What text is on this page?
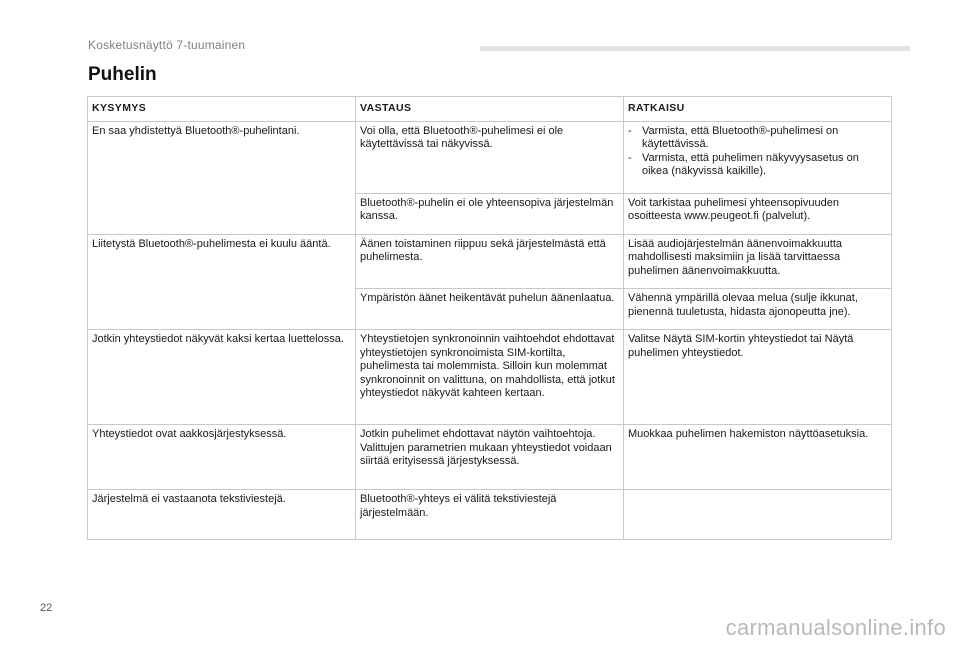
Kosketusnäyttö 7-tuumainen
Puhelin
KYSYMYS	VASTAUS	RATKAISU
En saa yhdistettyä Bluetooth®-puhelintani.	Voi olla, että Bluetooth®-puhelimesi ei ole käytettävissä tai näkyvissä.	- Varmista, että Bluetooth®-puhelimesi on käytettävissä.
- Varmista, että puhelimen näkyvyysasetus on oikea (näkyvissä kaikille).

	Bluetooth®-puhelin ei ole yhteensopiva järjestelmän kanssa.	Voit tarkistaa puhelimesi yhteensopivuuden osoitteesta www.peugeot.fi (palvelut).
Liitetystä Bluetooth®-puhelimesta ei kuulu ääntä.	Äänen toistaminen riippuu sekä järjestelmästä että puhelimesta.	Lisää audiojärjestelmän äänenvoimakkuutta mahdollisesti maksimiin ja lisää tarvittaessa puhelimen äänenvoimakkuutta.
	Ympäristön äänet heikentävät puhelun äänenlaatua.	Vähennä ympärillä olevaa melua (sulje ikkunat, pienennä tuuletusta, hidasta ajonopeutta jne).
Jotkin yhteystiedot näkyvät kaksi kertaa luettelossa.	Yhteystietojen synkronoinnin vaihtoehdot ehdottavat yhteystietojen synkronoimista SIM-kortilta, puhelimesta tai molemmista. Silloin kun molemmat synkronoinnit on valittuna, on mahdollista, että jotkut yhteystiedot näkyvät kahteen kertaan.	Valitse Näytä SIM-kortin yhteystiedot tai Näytä puhelimen yhteystiedot.
Yhteystiedot ovat aakkosjärjestyksessä.	Jotkin puhelimet ehdottavat näytön vaihtoehtoja. Valittujen parametrien mukaan yhteystiedot voidaan siirtää erityisessä järjestyksessä.	Muokkaa puhelimen hakemiston näyttöasetuksia.
Järjestelmä ei vastaanota tekstiviestejä.	Bluetooth®-yhteys ei välitä tekstiviestejä järjestelmään.	
22
carmanualsonline.info
